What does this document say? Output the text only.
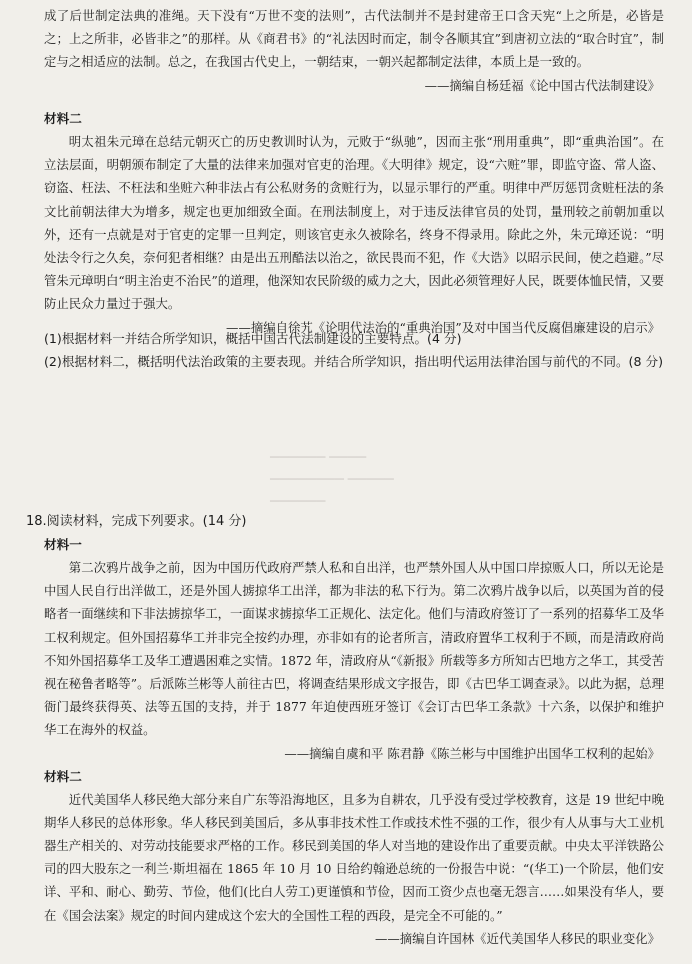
▁▁▁▁▁▁ ▁▁▁▁
▁▁▁▁▁▁▁▁ ▁▁▁▁▁
▁▁▁▁▁▁

成了后世制定法典的准绳。天下没有“万世不变的法则”，古代法制并不是封建帝王口含天宪“上之所是，必皆是之；上之所非，必皆非之”的那样。从《商君书》的“礼法因时而定，制令各顺其宜”到唐初立法的“取合时宜”，制定与之相适应的法制。总之，在我国古代史上，一朝结束，一朝兴起都制定法律，本质上是一致的。

——摘编自杨廷福《论中国古代法制建设》

材料二

明太祖朱元璋在总结元朝灭亡的历史教训时认为，元败于“纵驰”，因而主张“刑用重典”，即“重典治国”。在立法层面，明朝颁布制定了大量的法律来加强对官吏的治理。《大明律》规定，设“六赃”罪，即监守盗、常人盗、窃盗、枉法、不枉法和坐赃六种非法占有公私财务的贪赃行为，以显示罪行的严重。明律中严厉惩罚贪赃枉法的条文比前朝法律大为增多，规定也更加细致全面。在刑法制度上，对于违反法律官员的处罚，量刑较之前朝加重以外，还有一点就是对于官吏的定罪一旦判定，则该官吏永久被除名，终身不得录用。除此之外，朱元璋还说：“明处法令行之久矣，奈何犯者相继？由是出五刑酷法以治之，欲民畏而不犯，作《大诰》以昭示民间，使之趋避。”尽管朱元璋明白“明主治吏不治民”的道理，他深知农民阶级的威力之大，因此必须管理好人民，既要体恤民情，又要防止民众力量过于强大。

——摘编自徐艽《论明代法治的“重典治国”及对中国当代反腐倡廉建设的启示》

(1)根据材料一并结合所学知识，概括中国古代法制建设的主要特点。(4 分)

(2)根据材料二，概括明代法治政策的主要表现。并结合所学知识，指出明代运用法律治国与前代的不同。(8 分)

18.阅读材料，完成下列要求。(14 分)

材料一

第二次鸦片战争之前，因为中国历代政府严禁人私和自出洋，也严禁外国人从中国口岸掠贩人口，所以无论是中国人民自行出洋做工，还是外国人掳掠华工出洋，都为非法的私下行为。第二次鸦片战争以后，以英国为首的侵略者一面继续和下非法掳掠华工，一面谋求掳掠华工正规化、法定化。他们与清政府签订了一系列的招募华工及华工权利规定。但外国招募华工并非完全按约办理，亦非如有的论者所言，清政府置华工权利于不顾，而是清政府尚不知外国招募华工及华工遭遇困难之实情。1872 年，清政府从“《新报》所载等多方所知古巴地方之华工，其受苦视在秘鲁者略等”。后派陈兰彬等人前往古巴，将调查结果形成文字报告，即《古巴华工调查录》。以此为据，总理衙门最终获得英、法等五国的支持，并于 1877 年迫使西班牙签订《会订古巴华工条款》十六条，以保护和维护华工在海外的权益。

——摘编自虞和平 陈君静《陈兰彬与中国维护出国华工权利的起始》

材料二

近代美国华人移民绝大部分来自广东等沿海地区，且多为自耕农，几乎没有受过学校教育，这是 19 世纪中晚期华人移民的总体形象。华人移民到美国后，多从事非技术性工作或技术性不强的工作，很少有人从事与大工业机器生产相关的、对劳动技能要求严格的工作。移民到美国的华人对当地的建设作出了重要贡献。中央太平洋铁路公司的四大股东之一利兰·斯坦福在 1865 年 10 月 10 日给约翰逊总统的一份报告中说：“(华工)一个阶层，他们安详、平和、耐心、勤劳、节俭，他们(比白人劳工)更谨慎和节俭，因而工资少点也毫无怨言……如果没有华人，要在《国会法案》规定的时间内建成这个宏大的全国性工程的西段，是完全不可能的。”

——摘编自许国林《近代美国华人移民的职业变化》
